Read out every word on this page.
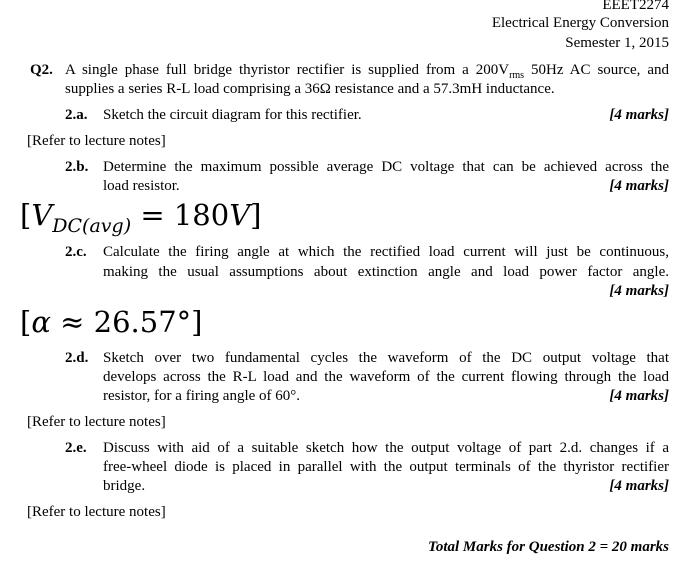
EEET2274
Electrical Energy Conversion
Semester 1, 2015
Q2. A single phase full bridge thyristor rectifier is supplied from a $200V_{rms}$ 50Hz AC source, and
supplies a series R-L load comprising a 36Ω resistance and a 57.3mH inductance.
2.a. Sketch the circuit diagram for this rectifier.	[4 marks]
[Refer to lecture notes]
2.b. Determine the maximum possible average DC voltage that can be achieved across the
load resistor.	[4 marks]
$[V_{DC(avg)} = 180V]$
2.c. Calculate the firing angle at which the rectified load current will just be continuous,
making the usual assumptions about extinction angle and load power factor angle.
[4 marks]
[α ≈ 26.57°]
2.d. Sketch over two fundamental cycles the waveform of the DC output voltage that
develops across the R-L load and the waveform of the current flowing through the load
resistor, for a firing angle of 60°.	[4 marks]
[Refer to lecture notes]
2.e. Discuss with aid of a suitable sketch how the output voltage of part 2.d. changes if a
free-wheel diode is placed in parallel with the output terminals of the thyristor rectifier
bridge.	[4 marks]
[Refer to lecture notes]
Total Marks for Question 2 = 20 marks
